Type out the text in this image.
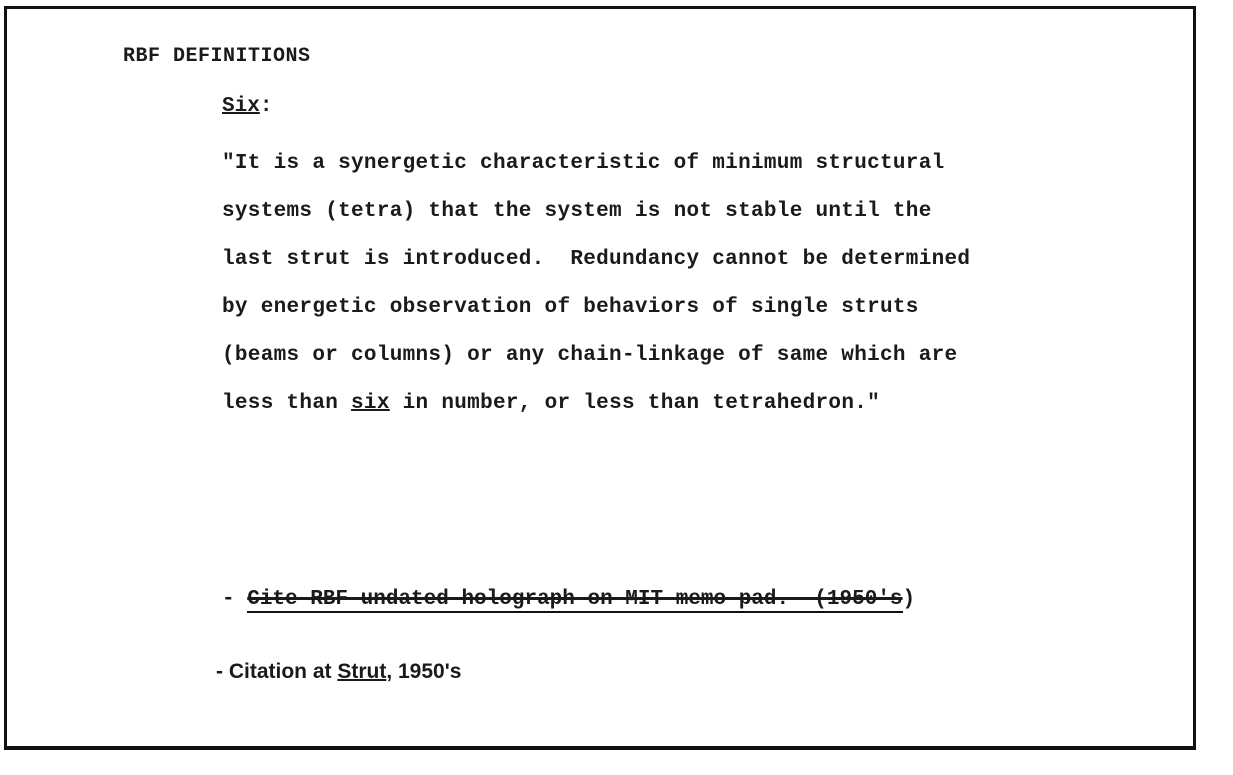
RBF DEFINITIONS
Six:
"It is a synergetic characteristic of minimum structural
systems (tetra) that the system is not stable until the
last strut is introduced.  Redundancy cannot be determined
by energetic observation of behaviors of single struts
(beams or columns) or any chain-linkage of same which are
less than six in number, or less than tetrahedron."
- Cite RBF undated holograph on MIT memo pad.  (1950's)
- Citation at Strut, 1950's
